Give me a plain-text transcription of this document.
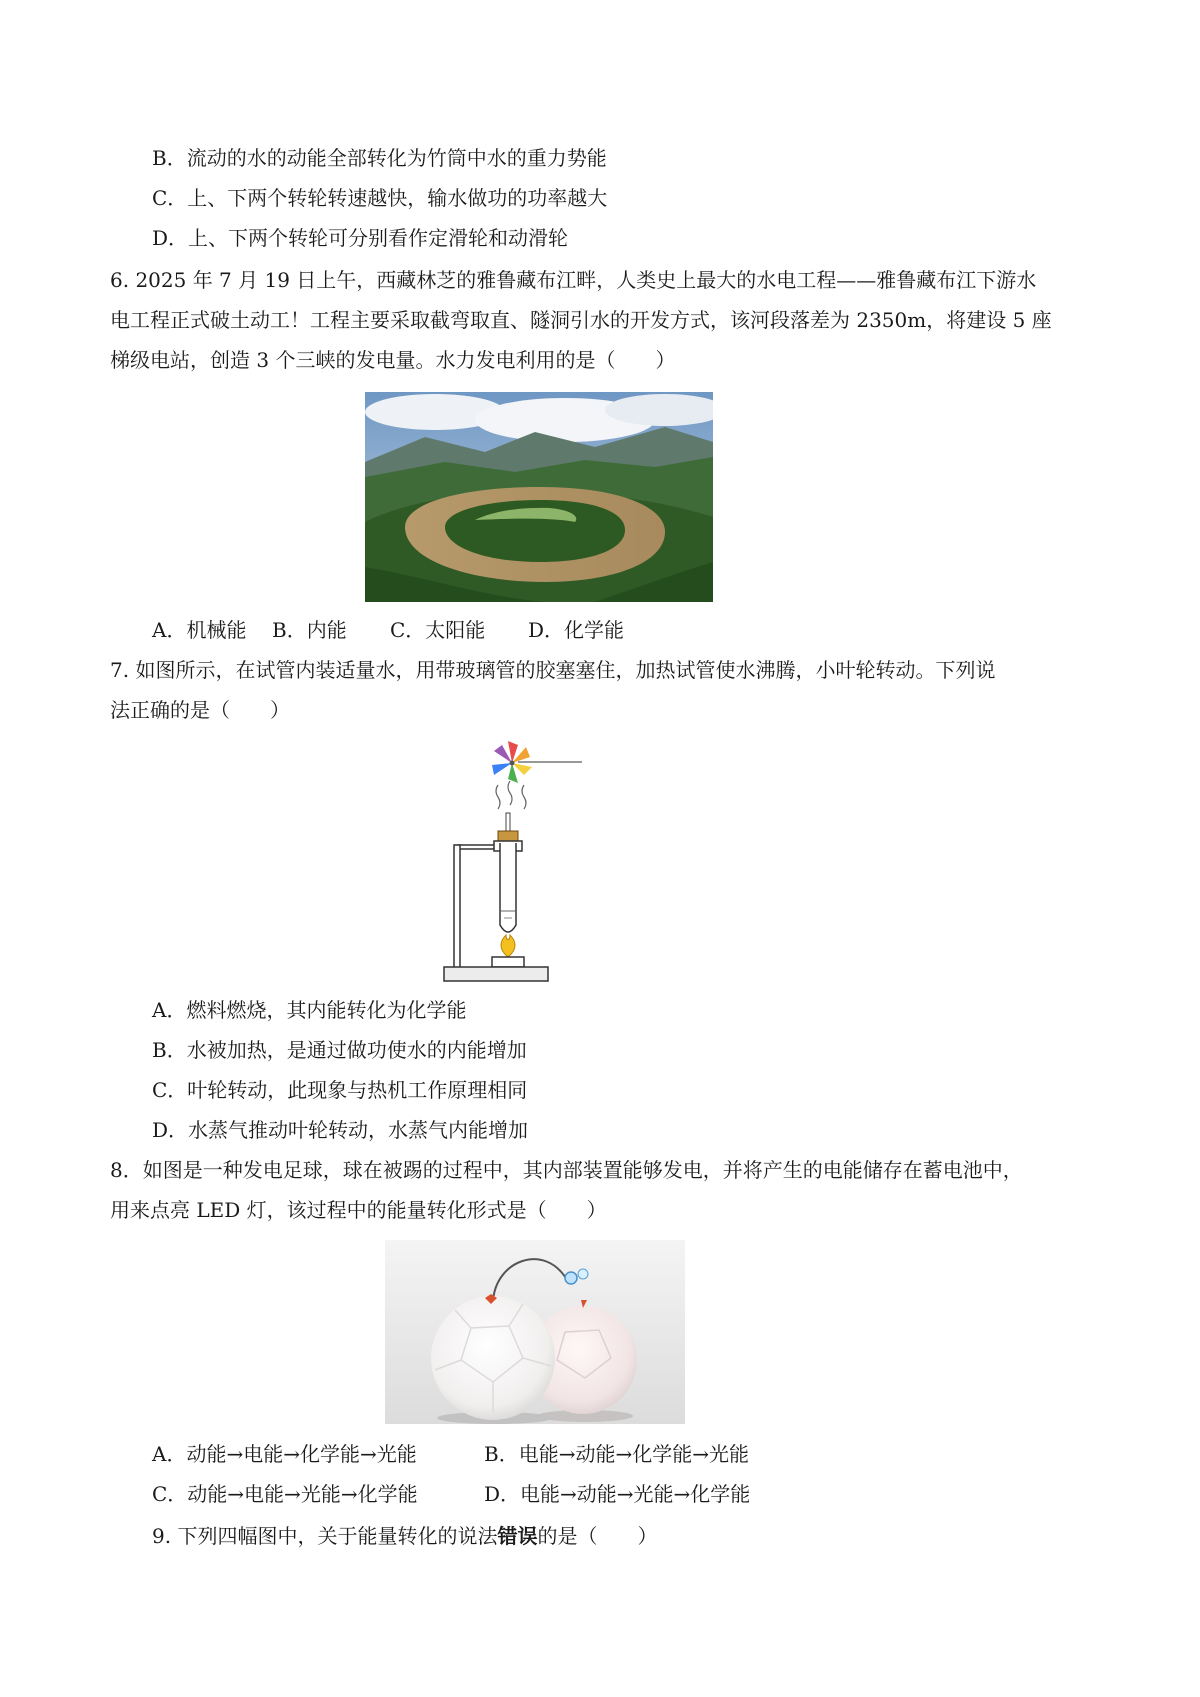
B．流动的水的动能全部转化为竹筒中水的重力势能
C．上、下两个转轮转速越快，输水做功的功率越大
D．上、下两个转轮可分别看作定滑轮和动滑轮
6. 2025 年 7 月 19 日上午，西藏林芝的雅鲁藏布江畔，人类史上最大的水电工程——雅鲁藏布江下游水
电工程正式破土动工！工程主要采取截弯取直、隧洞引水的开发方式，该河段落差为 2350m，将建设 5 座
梯级电站，创造 3 个三峡的发电量。水力发电利用的是（　　）
A．机械能 B．内能 C．太阳能 D．化学能
7. 如图所示，在试管内装适量水，用带玻璃管的胶塞塞住，加热试管使水沸腾，小叶轮转动。下列说
法正确的是（　　）
A．燃料燃烧，其内能转化为化学能
B．水被加热，是通过做功使水的内能增加
C．叶轮转动，此现象与热机工作原理相同
D．水蒸气推动叶轮转动，水蒸气内能增加
8．如图是一种发电足球，球在被踢的过程中，其内部装置能够发电，并将产生的电能储存在蓄电池中，
用来点亮 LED 灯，该过程中的能量转化形式是（　　）
A．动能→电能→化学能→光能	B．电能→动能→化学能→光能
C．动能→电能→光能→化学能	D．电能→动能→光能→化学能
9. 下列四幅图中，关于能量转化的说法错误的是（　　）
